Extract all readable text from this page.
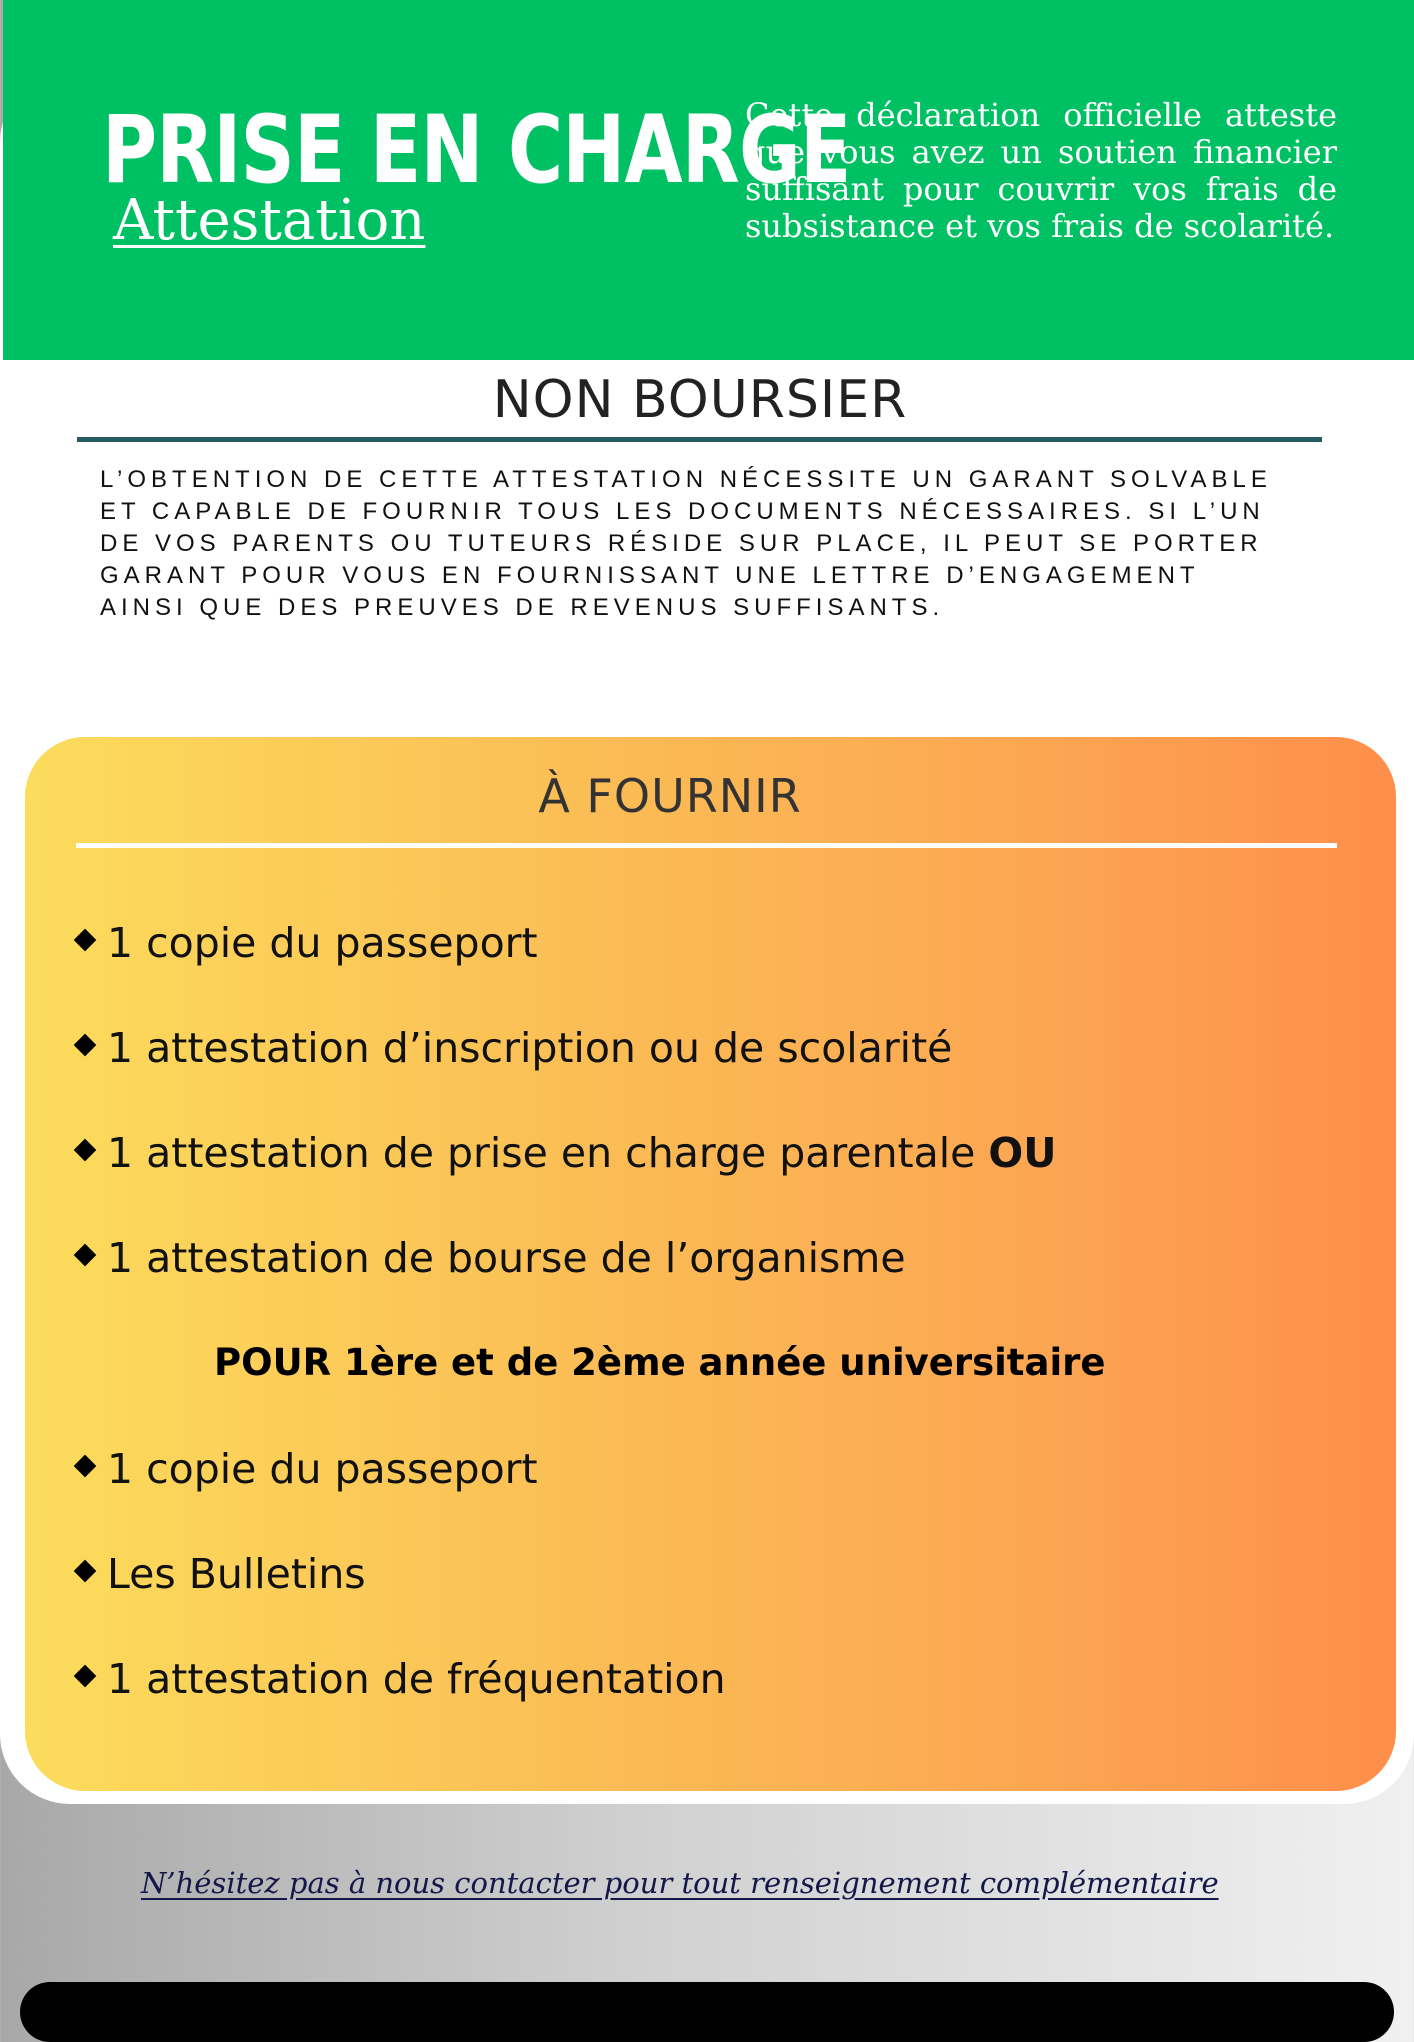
PRISE EN CHARGE
Attestation

Cette déclaration officielle atteste que vous avez un soutien financier suffisant pour couvrir vos frais de subsistance et vos frais de scolarité.

NON BOURSIER

L’OBTENTION DE CETTE ATTESTATION NÉCESSITE UN GARANT SOLVABLE ET CAPABLE DE FOURNIR TOUS LES DOCUMENTS NÉCESSAIRES. SI L’UN DE VOS PARENTS OU TUTEURS RÉSIDE SUR PLACE, IL PEUT SE PORTER GARANT POUR VOUS EN FOURNISSANT UNE LETTRE D’ENGAGEMENT AINSI QUE DES PREUVES DE REVENUS SUFFISANTS.

À FOURNIR
1 copie du passeport
1 attestation d’inscription ou de scolarité
1 attestation de prise en charge parentale OU
1 attestation de bourse de l’organisme
POUR 1ère et de 2ème année universitaire
1 copie du passeport
Les Bulletins
1 attestation de fréquentation

N’hésitez pas à nous contacter pour tout renseignement complémentaire
